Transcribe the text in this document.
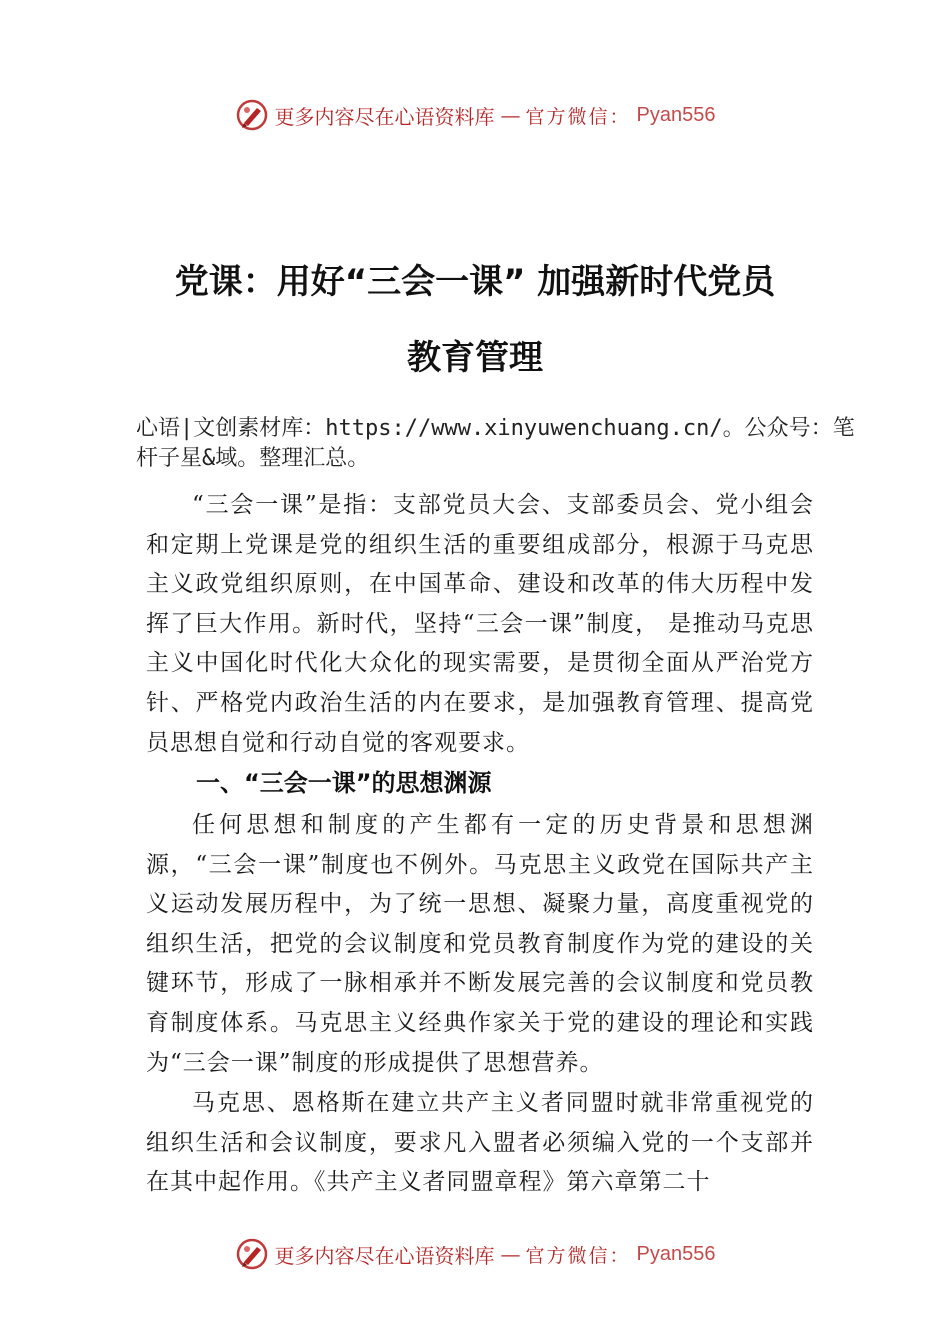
更多内容尽在心语资料库 — 官方微信： Pyan556
党课：用好“三会一课” 加强新时代党员
教育管理
心语|文创素材库：https://www.xinyuwenchuang.cn/。公众号：笔杆子星&域。整理汇总。
“三会一课”是指：支部党员大会、支部委员会、党小组会和定期上党课是党的组织生活的重要组成部分，根源于马克思主义政党组织原则，在中国革命、建设和改革的伟大历程中发挥了巨大作用。新时代，坚持“三会一课”制度， 是推动马克思主义中国化时代化大众化的现实需要，是贯彻全面从严治党方针、严格党内政治生活的内在要求，是加强教育管理、提高党员思想自觉和行动自觉的客观要求。
一、“三会一课”的思想渊源
任何思想和制度的产生都有一定的历史背景和思想渊源，“三会一课”制度也不例外。马克思主义政党在国际共产主义运动发展历程中，为了统一思想、凝聚力量，高度重视党的组织生活，把党的会议制度和党员教育制度作为党的建设的关键环节，形成了一脉相承并不断发展完善的会议制度和党员教育制度体系。马克思主义经典作家关于党的建设的理论和实践为“三会一课”制度的形成提供了思想营养。
马克思、恩格斯在建立共产主义者同盟时就非常重视党的组织生活和会议制度，要求凡入盟者必须编入党的一个支部并在其中起作用。《共产主义者同盟章程》第六章第二十
更多内容尽在心语资料库 — 官方微信： Pyan556
